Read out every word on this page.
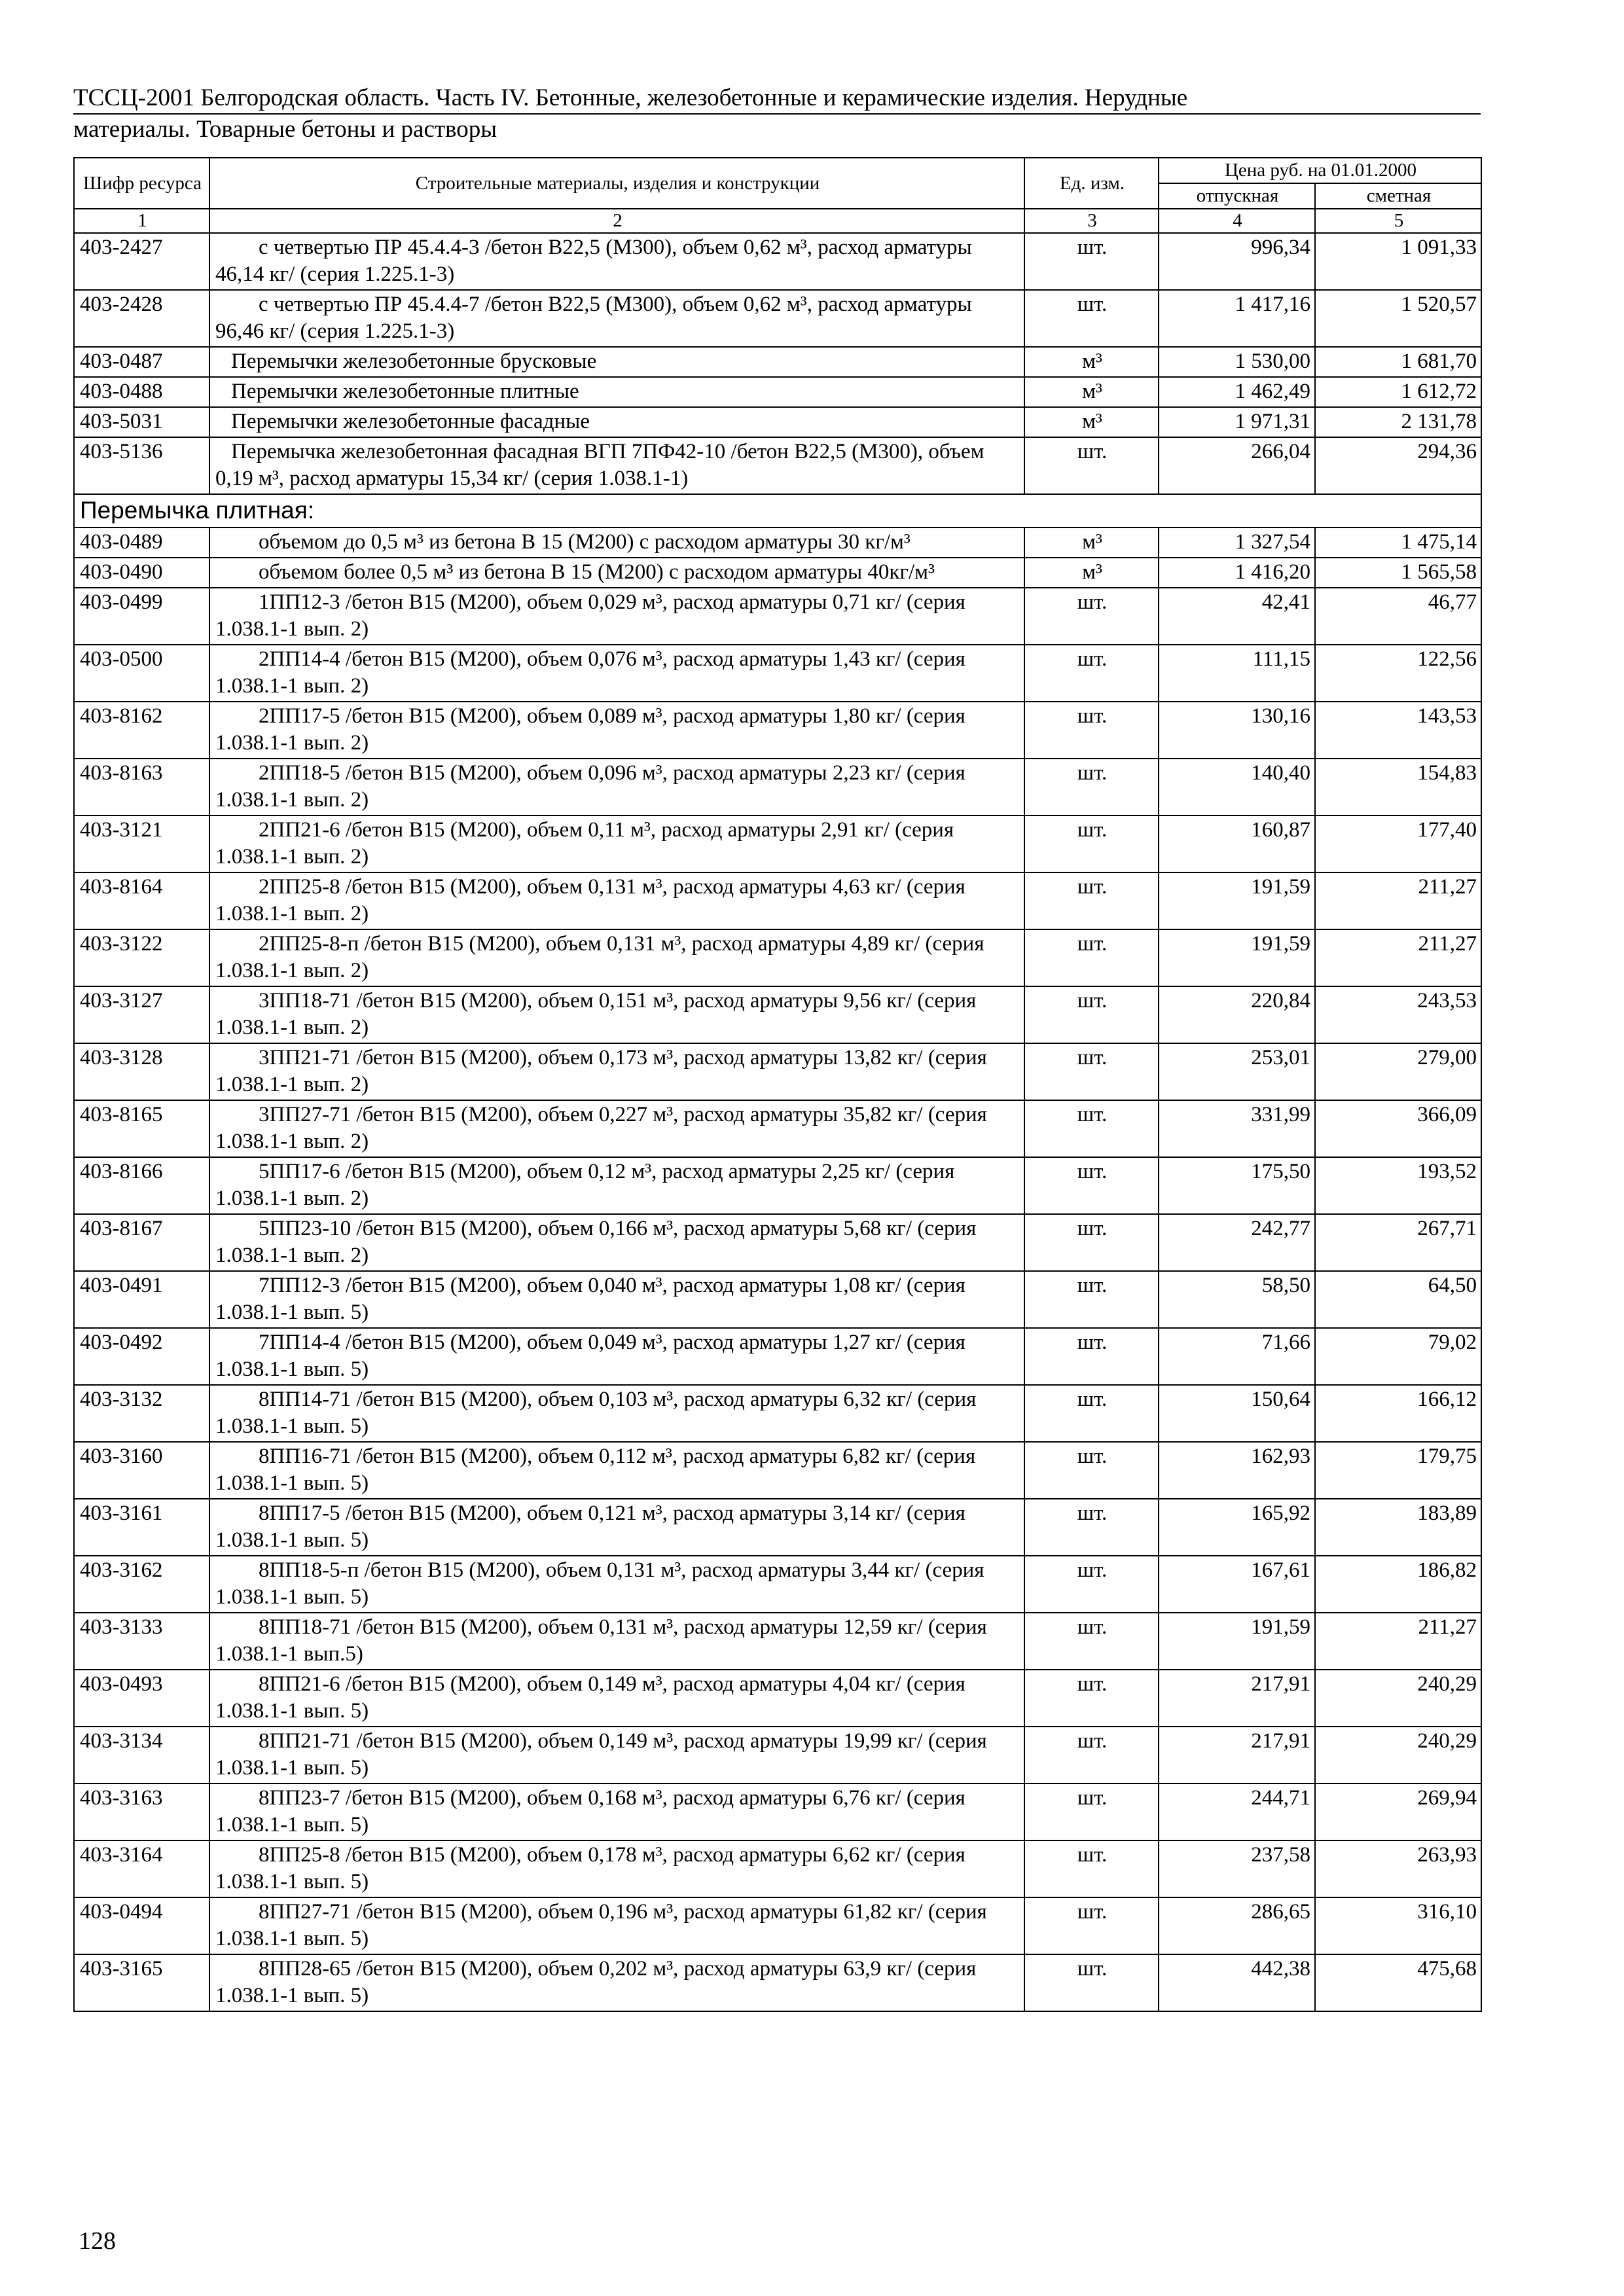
ТССЦ-2001 Белгородская область. Часть IV. Бетонные, железобетонные и керамические изделия. Нерудные
материалы. Товарные бетоны и растворы
Шифр ресурса	Строительные материалы, изделия и конструкции	Ед. изм.	Цена руб. на 01.01.2000	
			отпускная	сметная
1	2	3	4	5
403-2427	с четвертью ПР 45.4.4-3 /бетон В22,5 (М300), объем 0,62 м³, расход арматуры 46,14 кг/ (серия 1.225.1-3)	шт.	996,34	1 091,33
403-2428	с четвертью ПР 45.4.4-7 /бетон В22,5 (М300), объем 0,62 м³, расход арматуры 96,46 кг/ (серия 1.225.1-3)	шт.	1 417,16	1 520,57
403-0487	Перемычки железобетонные брусковые	м³	1 530,00	1 681,70
403-0488	Перемычки железобетонные плитные	м³	1 462,49	1 612,72
403-5031	Перемычки железобетонные фасадные	м³	1 971,31	2 131,78
403-5136	Перемычка железобетонная фасадная ВГП 7ПФ42-10 /бетон В22,5 (М300), объем 0,19 м³, расход арматуры 15,34 кг/ (серия 1.038.1-1)	шт.	266,04	294,36
Перемычка плитная:				
403-0489	объемом до 0,5 м³ из бетона В 15 (М200) с расходом арматуры 30 кг/м³	м³	1 327,54	1 475,14
403-0490	объемом более 0,5 м³ из бетона В 15 (М200) с расходом арматуры 40кг/м³	м³	1 416,20	1 565,58
403-0499	1ПП12-3 /бетон В15 (М200), объем 0,029 м³, расход арматуры 0,71 кг/ (серия 1.038.1-1 вып. 2)	шт.	42,41	46,77
403-0500	2ПП14-4 /бетон В15 (М200), объем 0,076 м³, расход арматуры 1,43 кг/ (серия 1.038.1-1 вып. 2)	шт.	111,15	122,56
403-8162	2ПП17-5 /бетон В15 (М200), объем 0,089 м³, расход арматуры 1,80 кг/ (серия 1.038.1-1 вып. 2)	шт.	130,16	143,53
403-8163	2ПП18-5 /бетон В15 (М200), объем 0,096 м³, расход арматуры 2,23 кг/ (серия 1.038.1-1 вып. 2)	шт.	140,40	154,83
403-3121	2ПП21-6 /бетон В15 (М200), объем 0,11 м³, расход арматуры 2,91 кг/ (серия 1.038.1-1 вып. 2)	шт.	160,87	177,40
403-8164	2ПП25-8 /бетон В15 (М200), объем 0,131 м³, расход арматуры 4,63 кг/ (серия 1.038.1-1 вып. 2)	шт.	191,59	211,27
403-3122	2ПП25-8-п /бетон В15 (М200), объем 0,131 м³, расход арматуры 4,89 кг/ (серия 1.038.1-1 вып. 2)	шт.	191,59	211,27
403-3127	3ПП18-71 /бетон В15 (М200), объем 0,151 м³, расход арматуры 9,56 кг/ (серия 1.038.1-1 вып. 2)	шт.	220,84	243,53
403-3128	3ПП21-71 /бетон В15 (М200), объем 0,173 м³, расход арматуры 13,82 кг/ (серия 1.038.1-1 вып. 2)	шт.	253,01	279,00
403-8165	3ПП27-71 /бетон В15 (М200), объем 0,227 м³, расход арматуры 35,82 кг/ (серия 1.038.1-1 вып. 2)	шт.	331,99	366,09
403-8166	5ПП17-6 /бетон В15 (М200), объем 0,12 м³, расход арматуры 2,25 кг/ (серия 1.038.1-1 вып. 2)	шт.	175,50	193,52
403-8167	5ПП23-10 /бетон В15 (М200), объем 0,166 м³, расход арматуры 5,68 кг/ (серия 1.038.1-1 вып. 2)	шт.	242,77	267,71
403-0491	7ПП12-3 /бетон В15 (М200), объем 0,040 м³, расход арматуры 1,08 кг/ (серия 1.038.1-1 вып. 5)	шт.	58,50	64,50
403-0492	7ПП14-4 /бетон В15 (М200), объем 0,049 м³, расход арматуры 1,27 кг/ (серия 1.038.1-1 вып. 5)	шт.	71,66	79,02
403-3132	8ПП14-71 /бетон В15 (М200), объем 0,103 м³, расход арматуры 6,32 кг/ (серия 1.038.1-1 вып. 5)	шт.	150,64	166,12
403-3160	8ПП16-71 /бетон В15 (М200), объем 0,112 м³, расход арматуры 6,82 кг/ (серия 1.038.1-1 вып. 5)	шт.	162,93	179,75
403-3161	8ПП17-5 /бетон В15 (М200), объем 0,121 м³, расход арматуры 3,14 кг/ (серия 1.038.1-1 вып. 5)	шт.	165,92	183,89
403-3162	8ПП18-5-п /бетон В15 (М200), объем 0,131 м³, расход арматуры 3,44 кг/ (серия 1.038.1-1 вып. 5)	шт.	167,61	186,82
403-3133	8ПП18-71 /бетон В15 (М200), объем 0,131 м³, расход арматуры 12,59 кг/ (серия 1.038.1-1 вып.5)	шт.	191,59	211,27
403-0493	8ПП21-6 /бетон В15 (М200), объем 0,149 м³, расход арматуры 4,04 кг/ (серия 1.038.1-1 вып. 5)	шт.	217,91	240,29
403-3134	8ПП21-71 /бетон В15 (М200), объем 0,149 м³, расход арматуры 19,99 кг/ (серия 1.038.1-1 вып. 5)	шт.	217,91	240,29
403-3163	8ПП23-7 /бетон В15 (М200), объем 0,168 м³, расход арматуры 6,76 кг/ (серия 1.038.1-1 вып. 5)	шт.	244,71	269,94
403-3164	8ПП25-8 /бетон В15 (М200), объем 0,178 м³, расход арматуры 6,62 кг/ (серия 1.038.1-1 вып. 5)	шт.	237,58	263,93
403-0494	8ПП27-71 /бетон В15 (М200), объем 0,196 м³, расход арматуры 61,82 кг/ (серия 1.038.1-1 вып. 5)	шт.	286,65	316,10
403-3165	8ПП28-65 /бетон В15 (М200), объем 0,202 м³, расход арматуры 63,9 кг/ (серия 1.038.1-1 вып. 5)	шт.	442,38	475,68
128
